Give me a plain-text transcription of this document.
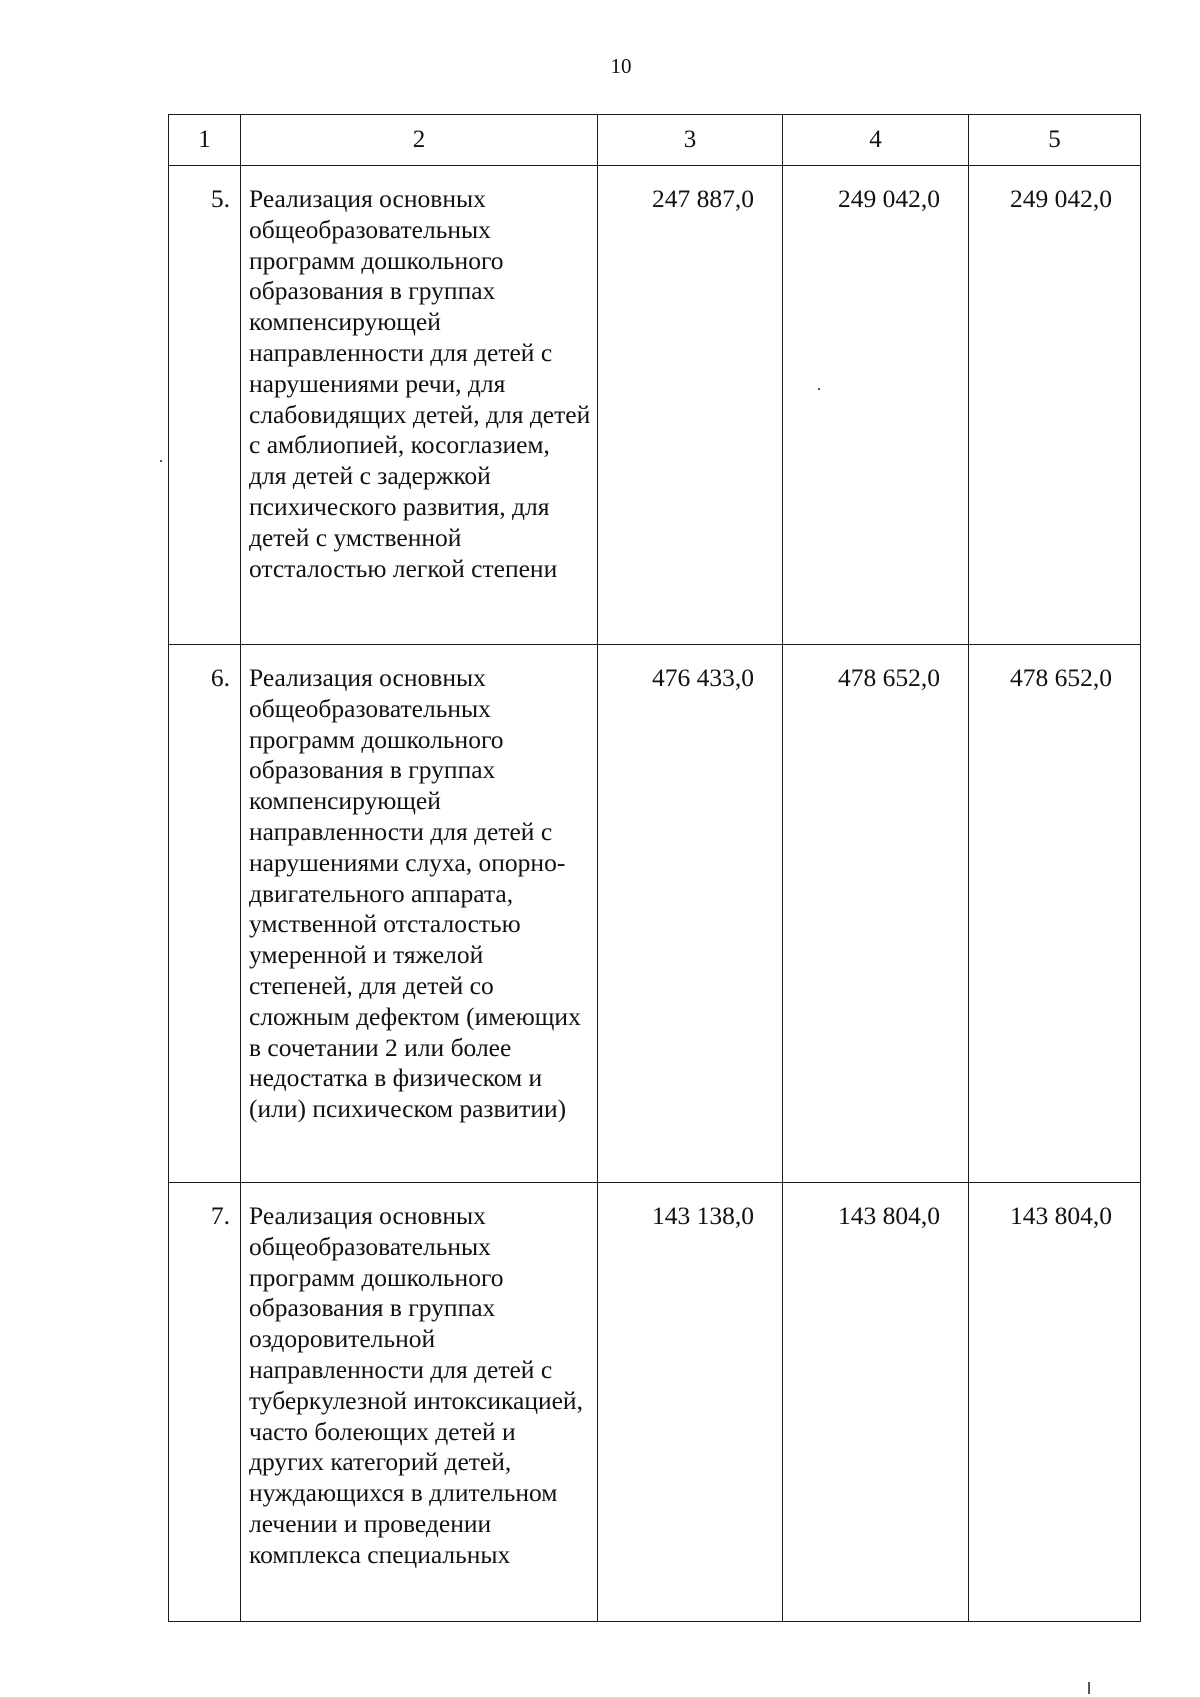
10
1	2	3	4	5
5.	Реализация основных общеобразовательных программ дошкольного образования в группах компенсирующей направленности для детей с нарушениями речи, для слабовидящих детей, для детей с амблиопией, косоглазием, для детей с задержкой психического развития, для детей с умственной отсталостью легкой степени	247 887,0	249 042,0	249 042,0
6.	Реализация основных общеобразовательных программ дошкольного образования в группах компенсирующей направленности для детей с нарушениями слуха, опорно-двигательного аппарата, умственной отсталостью умеренной и тяжелой степеней, для детей со сложным дефектом (имеющих в сочетании 2 или более недостатка в физическом и (или) психическом развитии)	476 433,0	478 652,0	478 652,0
7.	Реализация основных общеобразовательных программ дошкольного образования в группах оздоровительной направленности для детей с туберкулезной интоксикацией, часто болеющих детей и других категорий детей, нуждающихся в длительном лечении и проведении комплекса специальных	143 138,0	143 804,0	143 804,0
